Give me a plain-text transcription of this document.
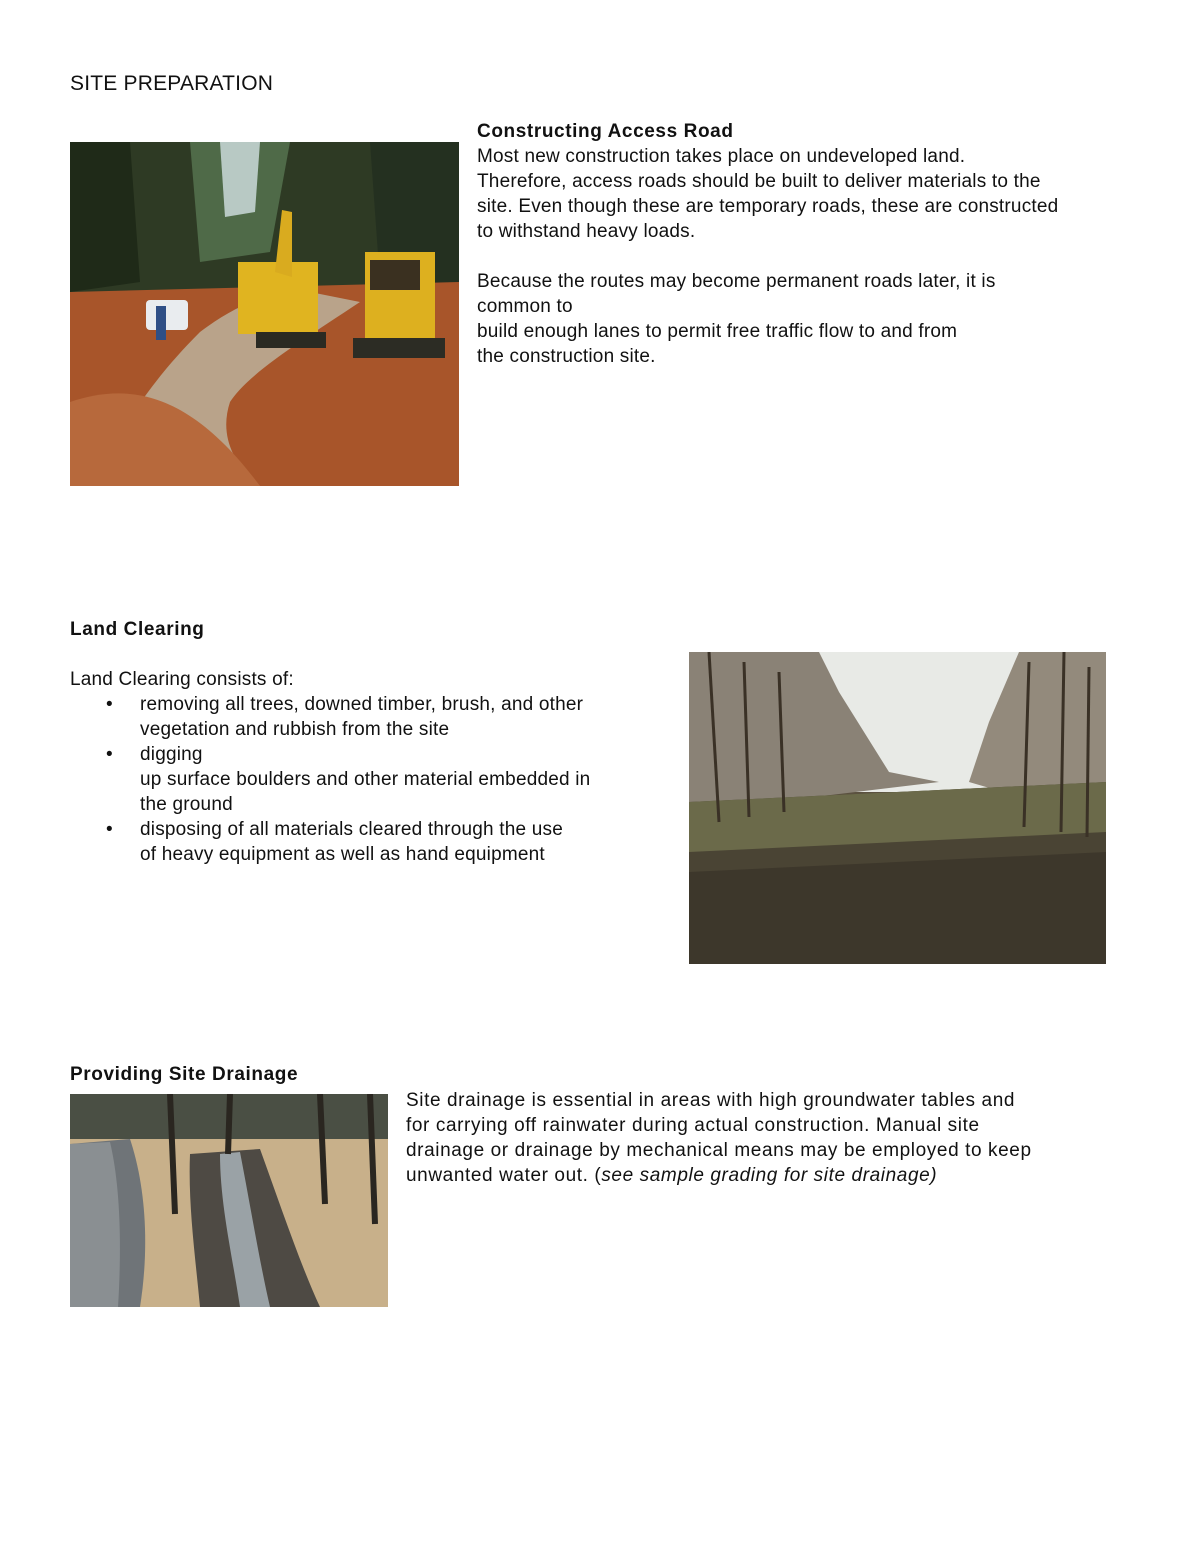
SITE PREPARATION
Constructing Access Road
Most new construction takes place on undeveloped land.
Therefore, access roads should be built to deliver materials to the
site. Even though these are temporary roads, these are constructed
to withstand heavy loads.
Because the routes may become permanent roads later, it is
common to
build enough lanes to permit free traffic flow to and from
the construction site.
Land Clearing
Land Clearing consists of:
• removing all trees, downed timber, brush, and other
vegetation and rubbish from the site
• digging
up surface boulders and other material embedded in
the ground
• disposing of all materials cleared through the use
of heavy equipment as well as hand equipment
Providing Site Drainage
Site drainage is essential in areas with high groundwater tables and
for carrying off rainwater during actual construction. Manual site
drainage or drainage by mechanical means may be employed to keep
unwanted water out. (see sample grading for site drainage)
